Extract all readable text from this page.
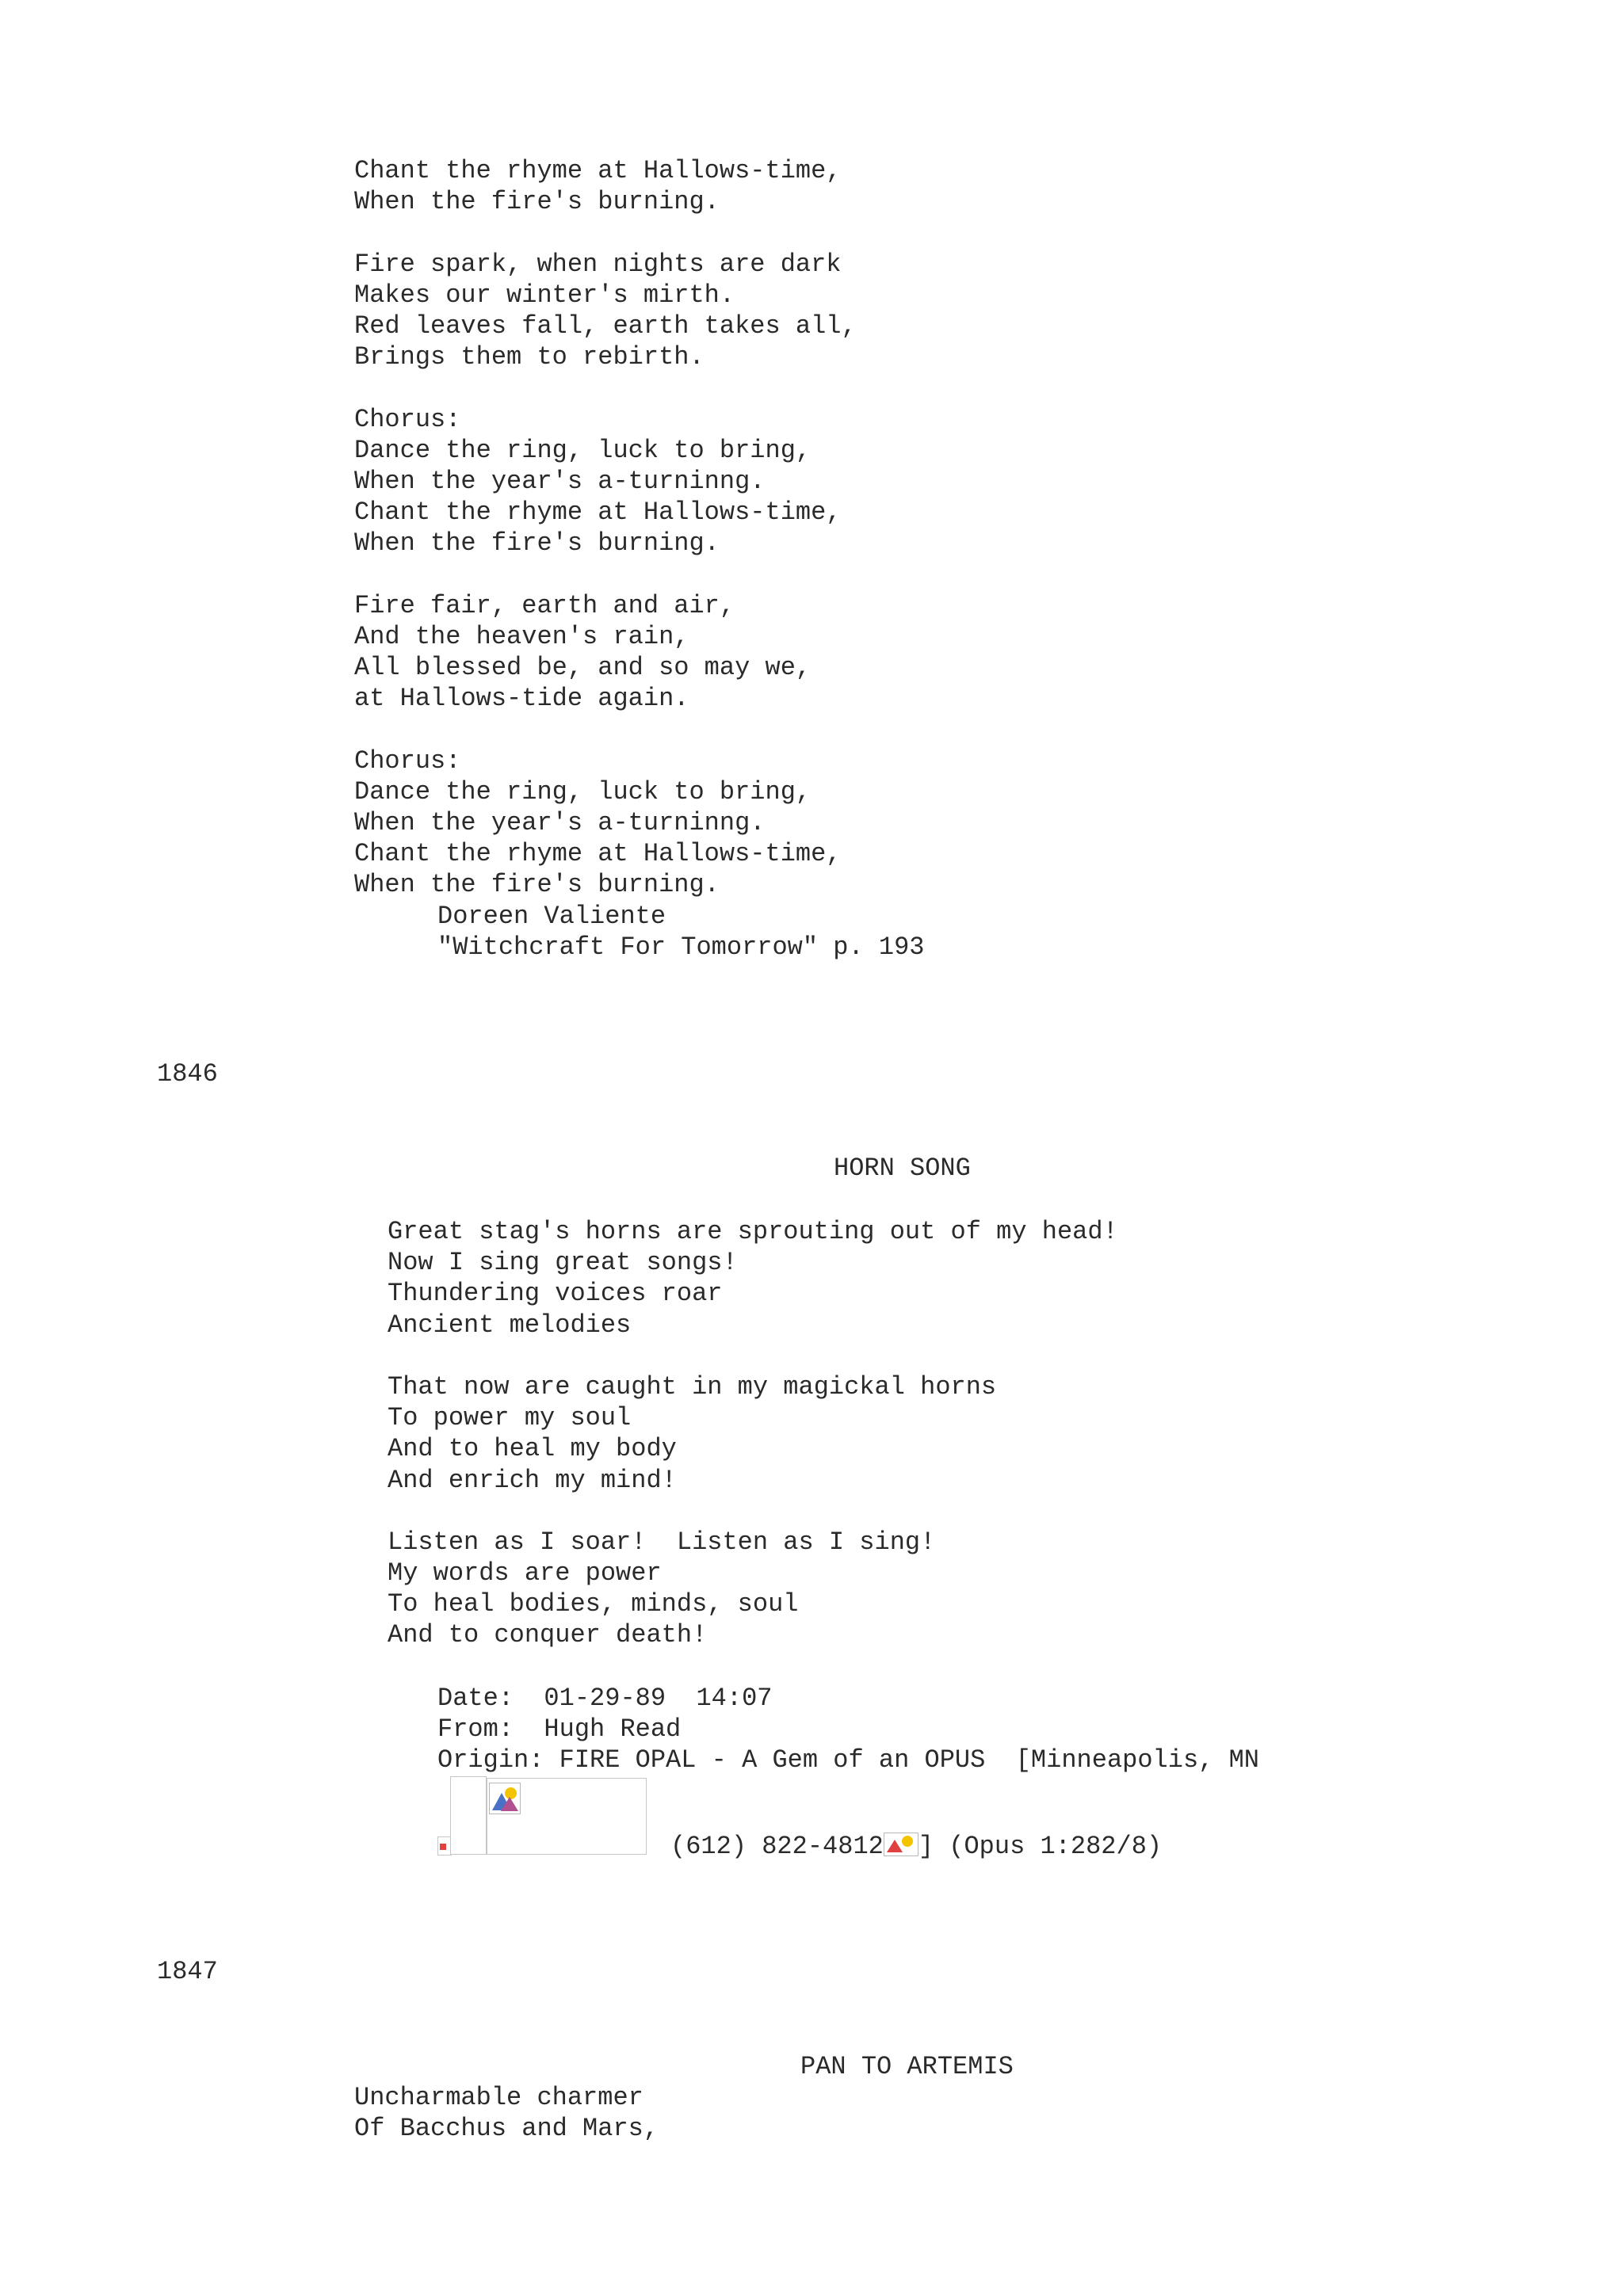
Chant the rhyme at Hallows-time,
When the fire's burning.

Fire spark, when nights are dark
Makes our winter's mirth.
Red leaves fall, earth takes all,
Brings them to rebirth.

Chorus:
Dance the ring, luck to bring,
When the year's a-turninng.
Chant the rhyme at Hallows-time,
When the fire's burning.

Fire fair, earth and air,
And the heaven's rain,
All blessed be, and so may we,
at Hallows-tide again.

Chorus:
Dance the ring, luck to bring,
When the year's a-turninng.
Chant the rhyme at Hallows-time,
When the fire's burning.
Doreen Valiente
"Witchcraft For Tomorrow" p. 193
1846
HORN SONG
Great stag's horns are sprouting out of my head!
Now I sing great songs!
Thundering voices roar
Ancient melodies

That now are caught in my magickal horns
To power my soul
And to heal my body
And enrich my mind!

Listen as I soar!  Listen as I sing!
My words are power
To heal bodies, minds, soul
And to conquer death!
Date:  01-29-89  14:07
From:  Hugh Read
Origin: FIRE OPAL - A Gem of an OPUS  [Minneapolis, MN
(612) 822-4812 ] (Opus 1:282/8)
1847
PAN TO ARTEMIS
Uncharmable charmer
Of Bacchus and Mars,
